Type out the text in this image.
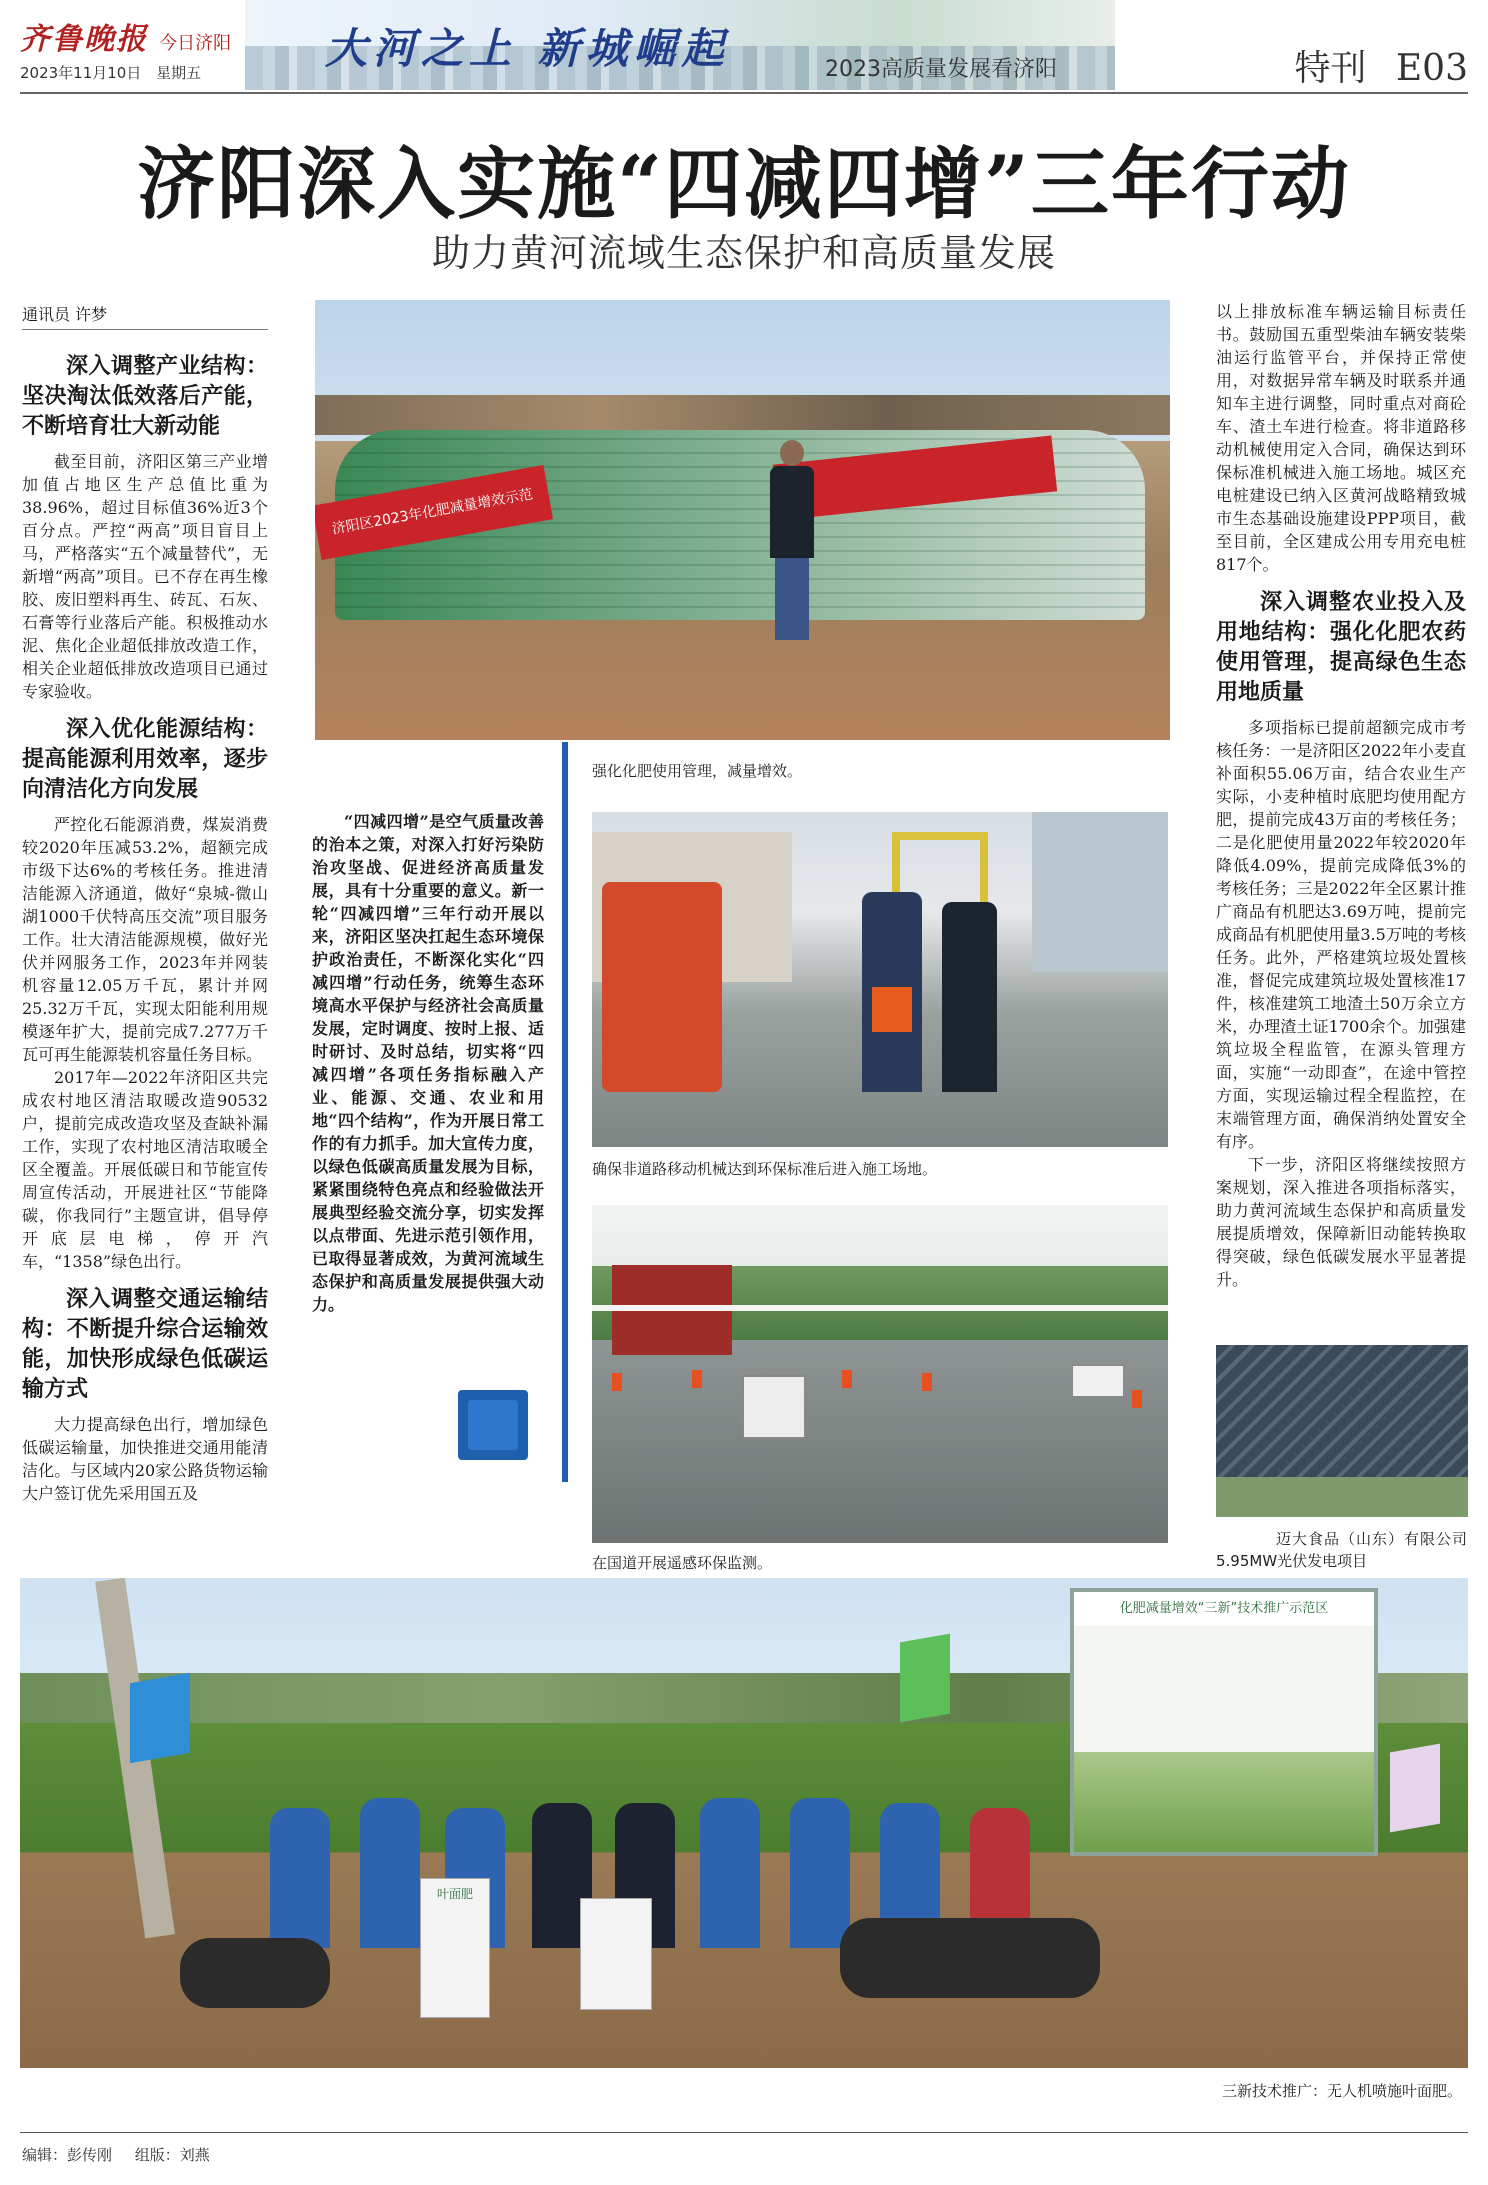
齐鲁晚报 今日济阳
2023年11月10日 星期五	大河之上 新城崛起	2023高质量发展看济阳	特刊 E03
济阳深入实施“四减四增”三年行动
助力黄河流域生态保护和高质量发展
通讯员 许梦
深入调整产业结构：坚决淘汰低效落后产能，不断培育壮大新动能

截至目前，济阳区第三产业增加值占地区生产总值比重为38.96%，超过目标值36%近3个百分点。严控“两高”项目盲目上马，严格落实“五个减量替代”，无新增“两高”项目。已不存在再生橡胶、废旧塑料再生、砖瓦、石灰、石膏等行业落后产能。积极推动水泥、焦化企业超低排放改造工作，相关企业超低排放改造项目已通过专家验收。

深入优化能源结构：提高能源利用效率，逐步向清洁化方向发展

严控化石能源消费，煤炭消费较2020年压减53.2%，超额完成市级下达6%的考核任务。推进清洁能源入济通道，做好“泉城-微山湖1000千伏特高压交流”项目服务工作。壮大清洁能源规模，做好光伏并网服务工作，2023年并网装机容量12.05万千瓦，累计并网25.32万千瓦，实现太阳能利用规模逐年扩大，提前完成7.277万千瓦可再生能源装机容量任务目标。

2017年—2022年济阳区共完成农村地区清洁取暖改造90532户，提前完成改造攻坚及查缺补漏工作，实现了农村地区清洁取暖全区全覆盖。开展低碳日和节能宣传周宣传活动，开展进社区“节能降碳，你我同行”主题宣讲，倡导停开底层电梯，停开汽车，“1358”绿色出行。

深入调整交通运输结构：不断提升综合运输效能，加快形成绿色低碳运输方式

大力提高绿色出行，增加绿色低碳运输量，加快推进交通用能清洁化。与区域内20家公路货物运输大户签订优先采用国五及

济阳区2023年化肥减量增效示范
强化化肥使用管理，减量增效。

“四减四增”是空气质量改善的治本之策，对深入打好污染防治攻坚战、促进经济高质量发展，具有十分重要的意义。新一轮“四减四增”三年行动开展以来，济阳区坚决扛起生态环境保护政治责任，不断深化实化“四减四增”行动任务，统筹生态环境高水平保护与经济社会高质量发展，定时调度、按时上报、适时研讨、及时总结，切实将“四减四增”各项任务指标融入产业、能源、交通、农业和用地“四个结构”，作为开展日常工作的有力抓手。加大宣传力度，以绿色低碳高质量发展为目标，紧紧围绕特色亮点和经验做法开展典型经验交流分享，切实发挥以点带面、先进示范引领作用，已取得显著成效，为黄河流域生态保护和高质量发展提供强大动力。

确保非道路移动机械达到环保标准后进入施工场地。
在国道开展遥感环保监测。

以上排放标准车辆运输目标责任书。鼓励国五重型柴油车辆安装柴油运行监管平台，并保持正常使用，对数据异常车辆及时联系并通知车主进行调整，同时重点对商砼车、渣土车进行检查。将非道路移动机械使用定入合同，确保达到环保标准机械进入施工场地。城区充电桩建设已纳入区黄河战略精致城市生态基础设施建设PPP项目，截至目前，全区建成公用专用充电桩817个。

深入调整农业投入及用地结构：强化化肥农药使用管理，提高绿色生态用地质量

多项指标已提前超额完成市考核任务：一是济阳区2022年小麦直补面积55.06万亩，结合农业生产实际，小麦种植时底肥均使用配方肥，提前完成43万亩的考核任务；二是化肥使用量2022年较2020年降低4.09%，提前完成降低3%的考核任务；三是2022年全区累计推广商品有机肥达3.69万吨，提前完成商品有机肥使用量3.5万吨的考核任务。此外，严格建筑垃圾处置核准，督促完成建筑垃圾处置核准17件，核准建筑工地渣土50万余立方米，办理渣土证1700余个。加强建筑垃圾全程监管，在源头管理方面，实施“一动即查”，在途中管控方面，实现运输过程全程监控，在末端管理方面，确保消纳处置安全有序。

下一步，济阳区将继续按照方案规划，深入推进各项指标落实，助力黄河流域生态保护和高质量发展提质增效，保障新旧动能转换取得突破，绿色低碳发展水平显著提升。

迈大食品（山东）有限公司
5.95MW光伏发电项目
化肥减量增效“三新”技术推广示范区
叶面肥
三新技术推广：无人机喷施叶面肥。
编辑：彭传刚 组版：刘燕
